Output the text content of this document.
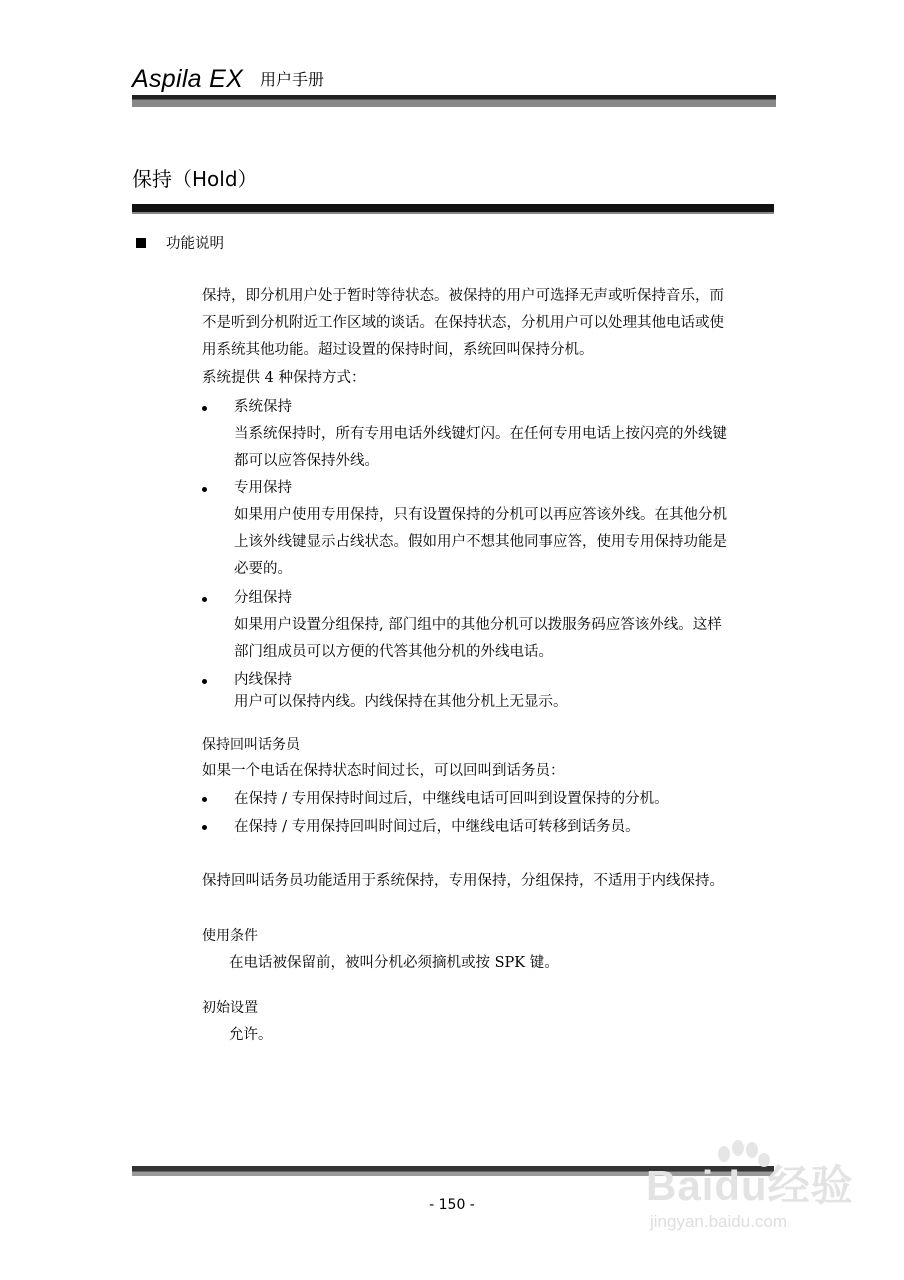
Aspila EX 用户手册
保持（Hold）
功能说明
保持，即分机用户处于暂时等待状态。被保持的用户可选择无声或听保持音乐，而
不是听到分机附近工作区域的谈话。在保持状态，分机用户可以处理其他电话或使
用系统其他功能。超过设置的保持时间，系统回叫保持分机。
系统提供 4 种保持方式：
系统保持
当系统保持时，所有专用电话外线键灯闪。在任何专用电话上按闪亮的外线键
都可以应答保持外线。
专用保持
如果用户使用专用保持，只有设置保持的分机可以再应答该外线。在其他分机
上该外线键显示占线状态。假如用户不想其他同事应答，使用专用保持功能是
必要的。
分组保持
如果用户设置分组保持, 部门组中的其他分机可以拨服务码应答该外线。这样
部门组成员可以方便的代答其他分机的外线电话。
内线保持
用户可以保持内线。内线保持在其他分机上无显示。
保持回叫话务员
如果一个电话在保持状态时间过长，可以回叫到话务员：
在保持 / 专用保持时间过后，中继线电话可回叫到设置保持的分机。
在保持 / 专用保持回叫时间过后，中继线电话可转移到话务员。
保持回叫话务员功能适用于系统保持，专用保持，分组保持，不适用于内线保持。
使用条件
在电话被保留前，被叫分机必须摘机或按 SPK 键。
初始设置
允许。
- 150 -	Baidu经验
jingyan.baidu.com
